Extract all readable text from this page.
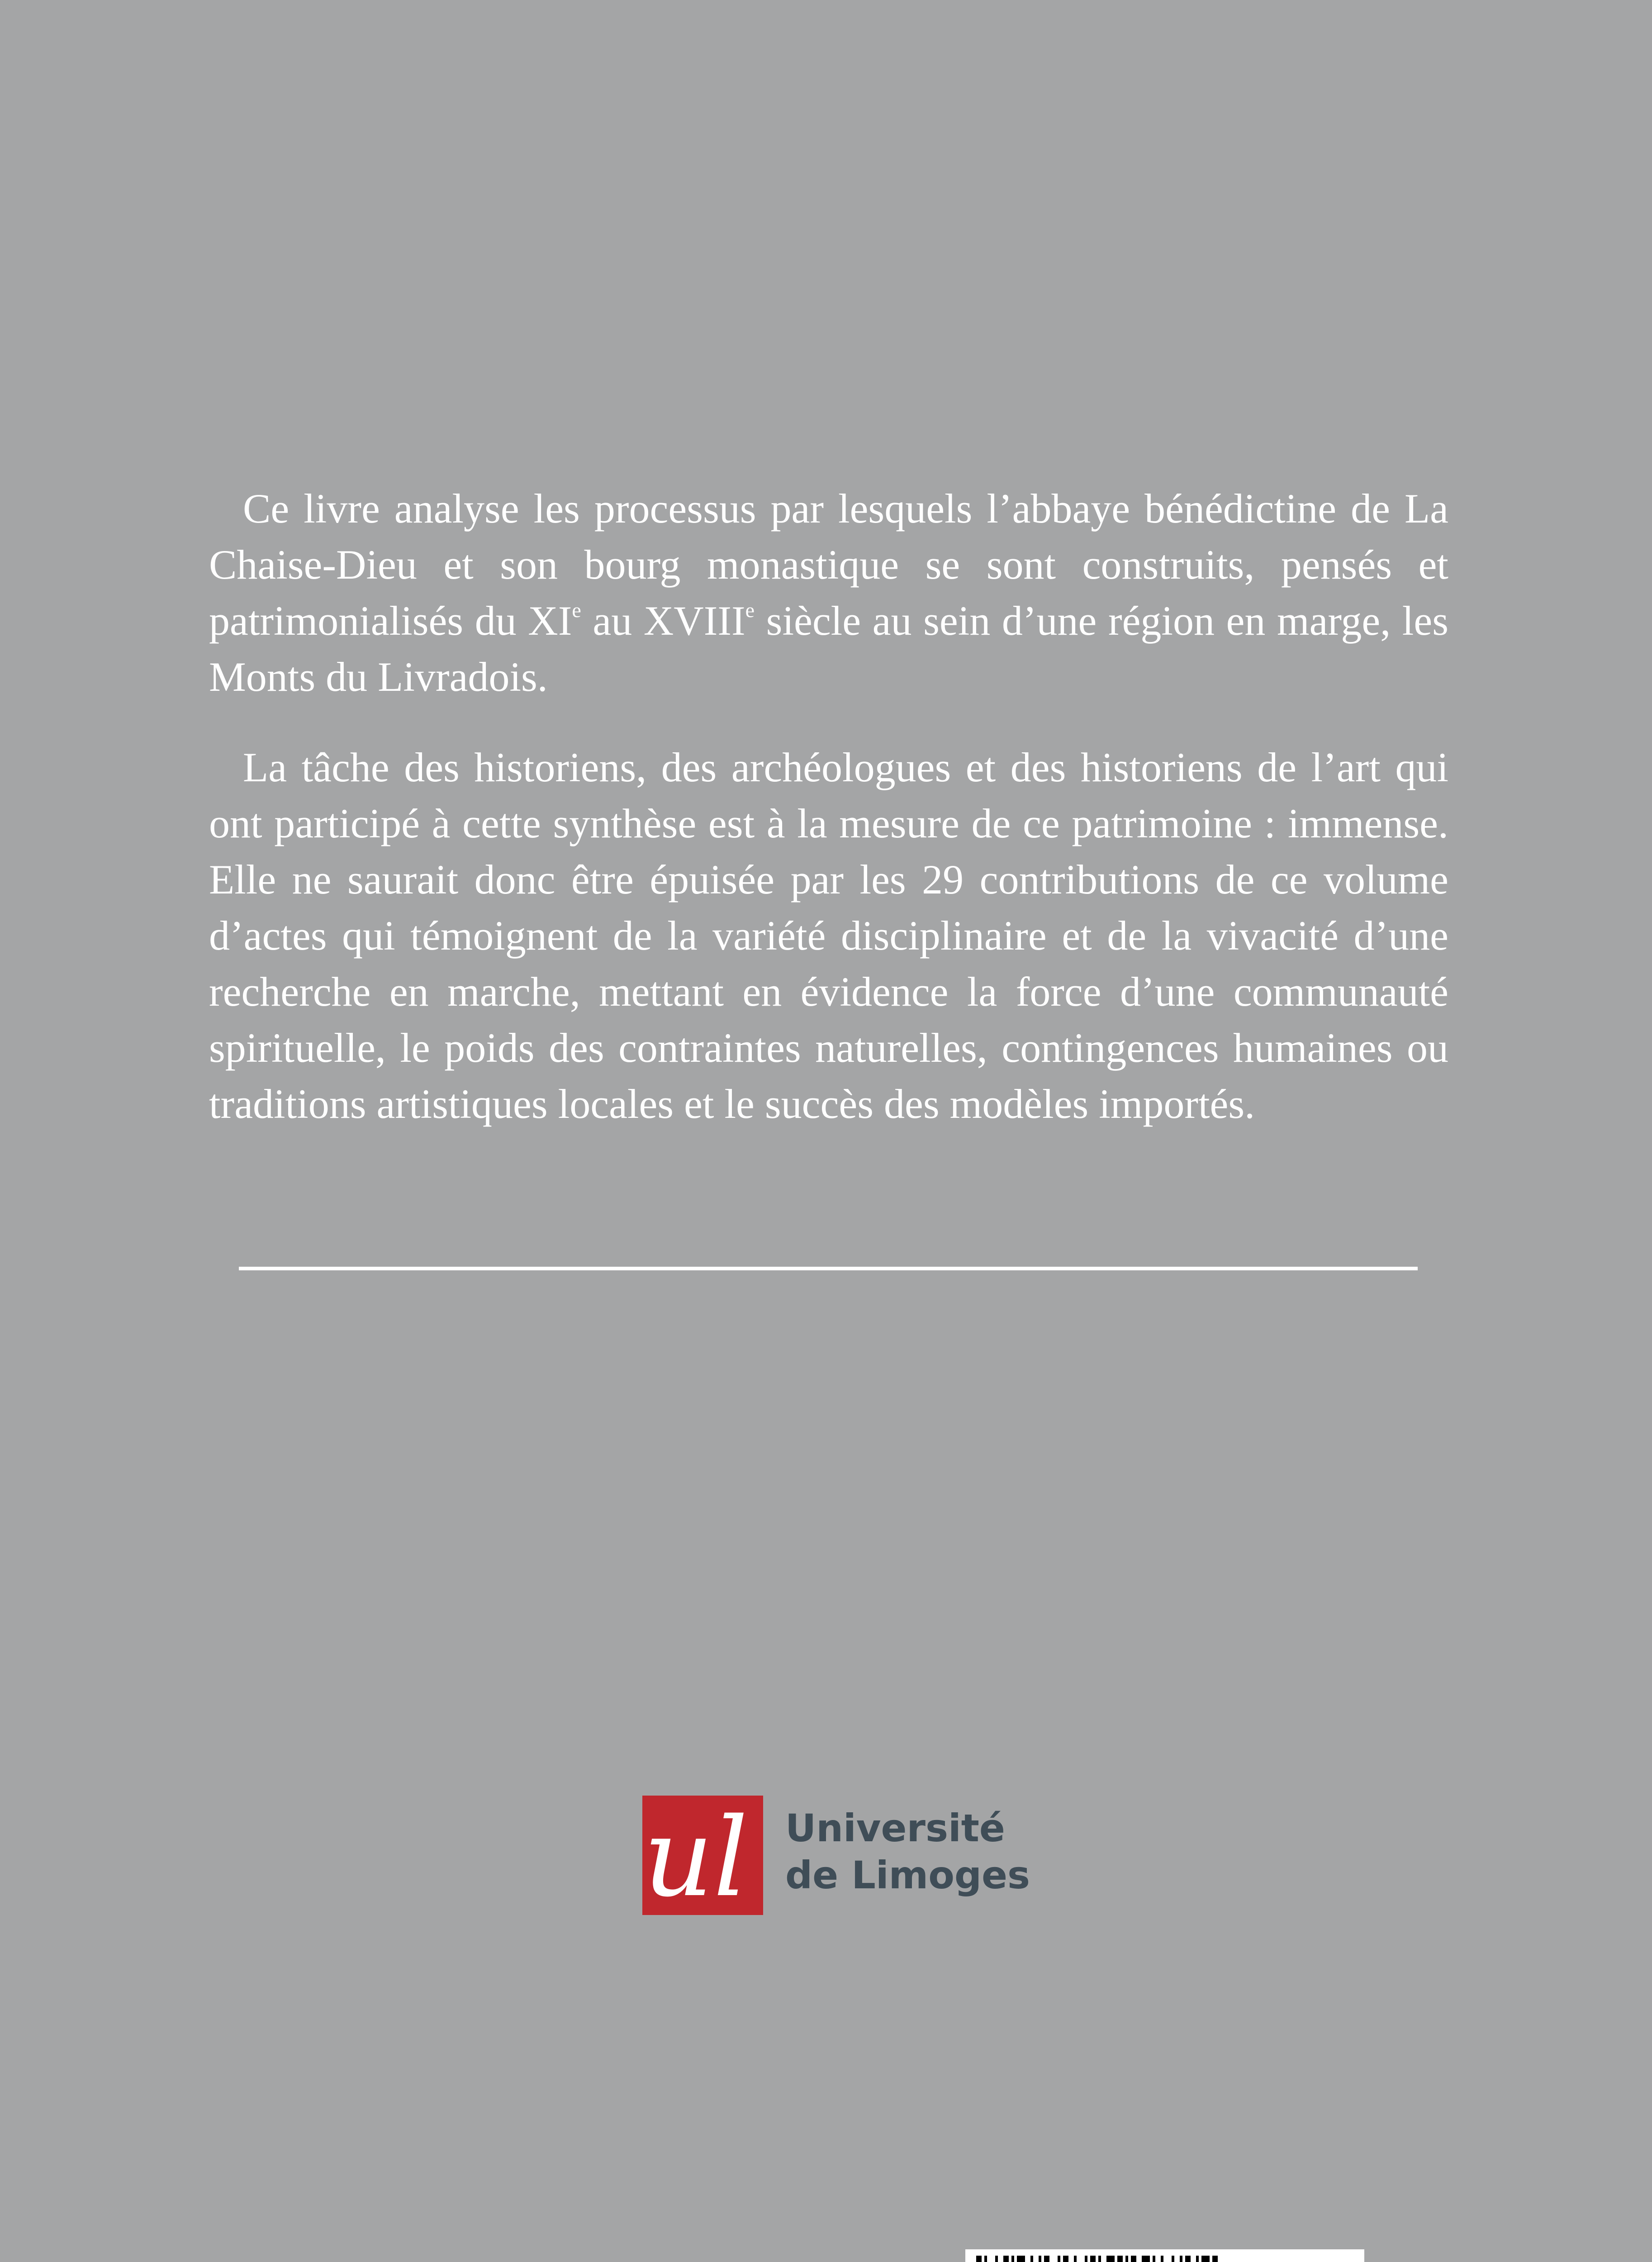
Ce livre analyse les processus par lesquels l’abbaye bénédictine de La Chaise-Dieu et son bourg monastique se sont construits, pensés et patrimonialisés du XIe au XVIIIe siècle au sein d’une région en marge, les Monts du Livradois.

La tâche des historiens, des archéologues et des historiens de l’art qui ont participé à cette synthèse est à la mesure de ce patrimoine : immense. Elle ne saurait donc être épuisée par les 29 contributions de ce volume d’actes qui témoignent de la variété disciplinaire et de la vivacité d’une recherche en marche, mettant en évidence la force d’une communauté spirituelle, le poids des contraintes naturelles, contingences humaines ou traditions artistiques locales et le succès des modèles importés.

ul Université
de Limoges
